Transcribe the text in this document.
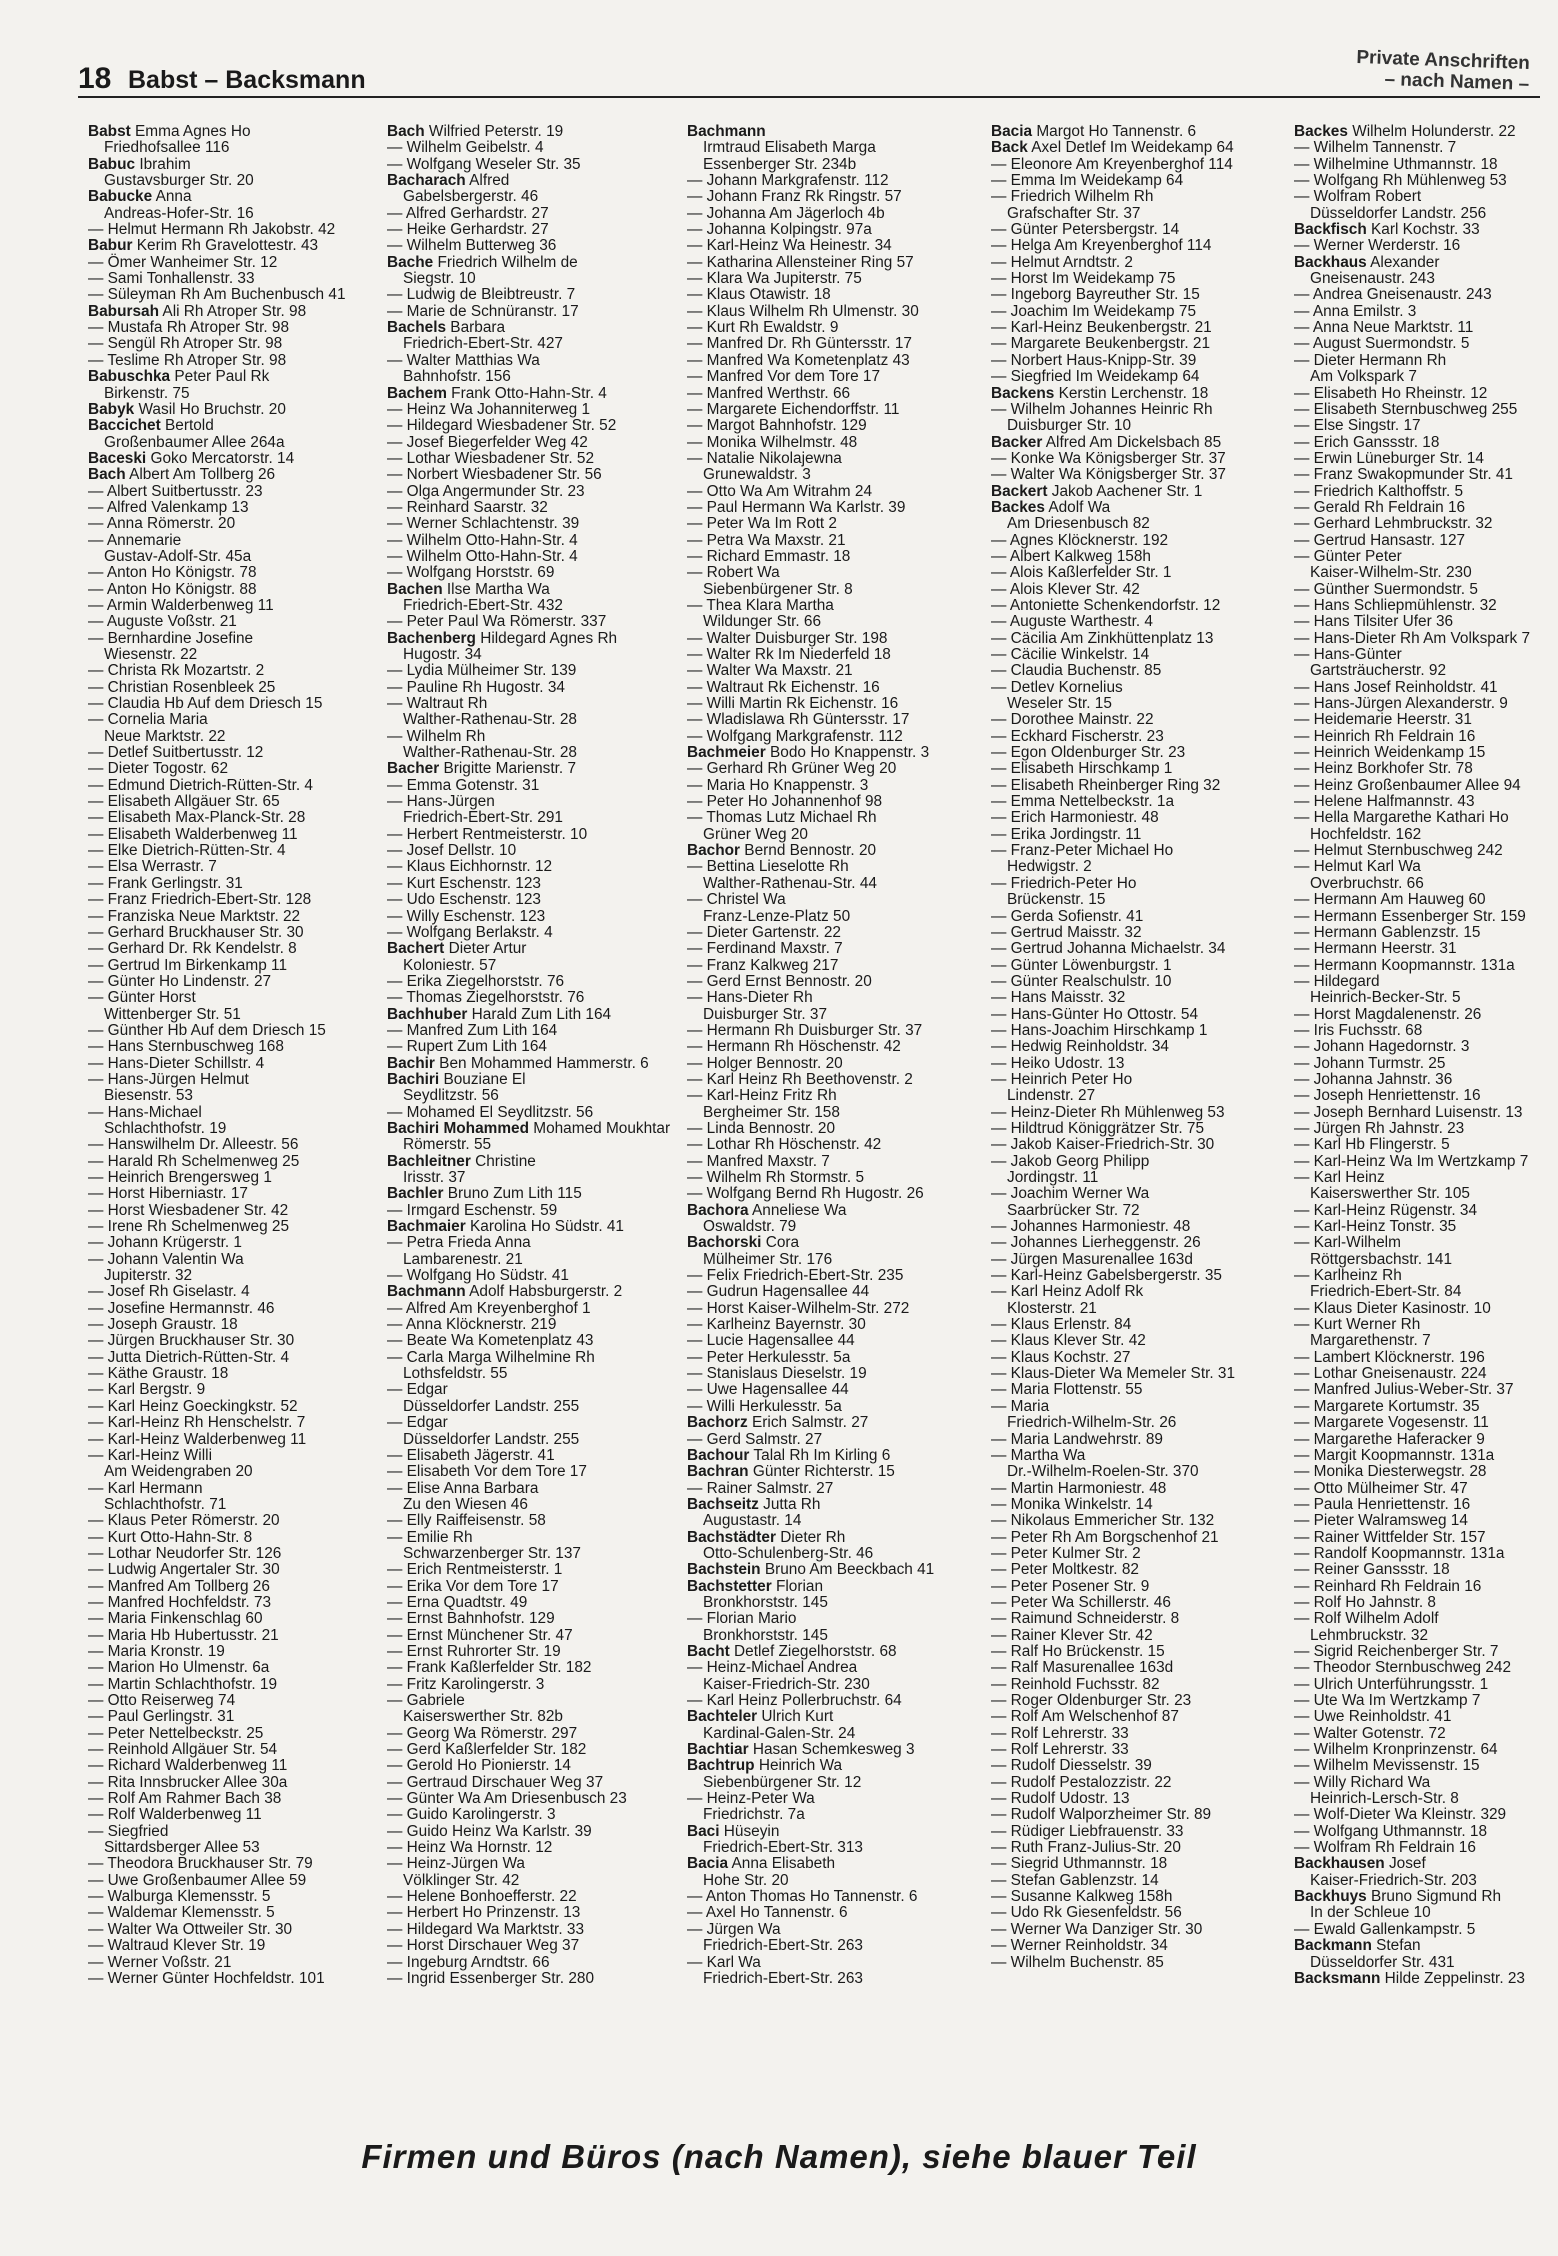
18 Babst – Backsmann
Private Anschriften
– nach Namen –
Babst Emma Agnes Ho
Friedhofsallee 116
Babuc Ibrahim
Gustavsburger Str. 20
Babucke Anna
Andreas-Hofer-Str. 16
— Helmut Hermann Rh Jakobstr. 42
Babur Kerim Rh Gravelottestr. 43
— Ömer Wanheimer Str. 12
— Sami Tonhallenstr. 33
— Süleyman Rh Am Buchenbusch 41
Babursah Ali Rh Atroper Str. 98
— Mustafa Rh Atroper Str. 98
— Sengül Rh Atroper Str. 98
— Teslime Rh Atroper Str. 98
Babuschka Peter Paul Rk
Birkenstr. 75
Babyk Wasil Ho Bruchstr. 20
Baccichet Bertold
Großenbaumer Allee 264a
Baceski Goko Mercatorstr. 14
Bach Albert Am Tollberg 26
— Albert Suitbertusstr. 23
— Alfred Valenkamp 13
— Anna Römerstr. 20
— Annemarie
Gustav-Adolf-Str. 45a
— Anton Ho Königstr. 78
— Anton Ho Königstr. 88
— Armin Walderbenweg 11
— Auguste Voßstr. 21
— Bernhardine Josefine
Wiesenstr. 22
— Christa Rk Mozartstr. 2
— Christian Rosenbleek 25
— Claudia Hb Auf dem Driesch 15
— Cornelia Maria
Neue Marktstr. 22
— Detlef Suitbertusstr. 12
— Dieter Togostr. 62
— Edmund Dietrich-Rütten-Str. 4
— Elisabeth Allgäuer Str. 65
— Elisabeth Max-Planck-Str. 28
— Elisabeth Walderbenweg 11
— Elke Dietrich-Rütten-Str. 4
— Elsa Werrastr. 7
— Frank Gerlingstr. 31
— Franz Friedrich-Ebert-Str. 128
— Franziska Neue Marktstr. 22
— Gerhard Bruckhauser Str. 30
— Gerhard Dr. Rk Kendelstr. 8
— Gertrud Im Birkenkamp 11
— Günter Ho Lindenstr. 27
— Günter Horst
Wittenberger Str. 51
— Günther Hb Auf dem Driesch 15
— Hans Sternbuschweg 168
— Hans-Dieter Schillstr. 4
— Hans-Jürgen Helmut
Biesenstr. 53
— Hans-Michael
Schlachthofstr. 19
— Hanswilhelm Dr. Alleestr. 56
— Harald Rh Schelmenweg 25
— Heinrich Brengersweg 1
— Horst Hiberniastr. 17
— Horst Wiesbadener Str. 42
— Irene Rh Schelmenweg 25
— Johann Krügerstr. 1
— Johann Valentin Wa
Jupiterstr. 32
— Josef Rh Giselastr. 4
— Josefine Hermannstr. 46
— Joseph Graustr. 18
— Jürgen Bruckhauser Str. 30
— Jutta Dietrich-Rütten-Str. 4
— Käthe Graustr. 18
— Karl Bergstr. 9
— Karl Heinz Goeckingkstr. 52
— Karl-Heinz Rh Henschelstr. 7
— Karl-Heinz Walderbenweg 11
— Karl-Heinz Willi
Am Weidengraben 20
— Karl Hermann
Schlachthofstr. 71
— Klaus Peter Römerstr. 20
— Kurt Otto-Hahn-Str. 8
— Lothar Neudorfer Str. 126
— Ludwig Angertaler Str. 30
— Manfred Am Tollberg 26
— Manfred Hochfeldstr. 73
— Maria Finkenschlag 60
— Maria Hb Hubertusstr. 21
— Maria Kronstr. 19
— Marion Ho Ulmenstr. 6a
— Martin Schlachthofstr. 19
— Otto Reiserweg 74
— Paul Gerlingstr. 31
— Peter Nettelbeckstr. 25
— Reinhold Allgäuer Str. 54
— Richard Walderbenweg 11
— Rita Innsbrucker Allee 30a
— Rolf Am Rahmer Bach 38
— Rolf Walderbenweg 11
— Siegfried
Sittardsberger Allee 53
— Theodora Bruckhauser Str. 79
— Uwe Großenbaumer Allee 59
— Walburga Klemensstr. 5
— Waldemar Klemensstr. 5
— Walter Wa Ottweiler Str. 30
— Waltraud Klever Str. 19
— Werner Voßstr. 21
— Werner Günter Hochfeldstr. 101
Bach Wilfried Peterstr. 19
— Wilhelm Geibelstr. 4
— Wolfgang Weseler Str. 35
Bacharach Alfred
Gabelsbergerstr. 46
— Alfred Gerhardstr. 27
— Heike Gerhardstr. 27
— Wilhelm Butterweg 36
Bache Friedrich Wilhelm de
Siegstr. 10
— Ludwig de Bleibtreustr. 7
— Marie de Schnüranstr. 17
Bachels Barbara
Friedrich-Ebert-Str. 427
— Walter Matthias Wa
Bahnhofstr. 156
Bachem Frank Otto-Hahn-Str. 4
— Heinz Wa Johanniterweg 1
— Hildegard Wiesbadener Str. 52
— Josef Biegerfelder Weg 42
— Lothar Wiesbadener Str. 52
— Norbert Wiesbadener Str. 56
— Olga Angermunder Str. 23
— Reinhard Saarstr. 32
— Werner Schlachtenstr. 39
— Wilhelm Otto-Hahn-Str. 4
— Wilhelm Otto-Hahn-Str. 4
— Wolfgang Horststr. 69
Bachen Ilse Martha Wa
Friedrich-Ebert-Str. 432
— Peter Paul Wa Römerstr. 337
Bachenberg Hildegard Agnes Rh
Hugostr. 34
— Lydia Mülheimer Str. 139
— Pauline Rh Hugostr. 34
— Waltraut Rh
Walther-Rathenau-Str. 28
— Wilhelm Rh
Walther-Rathenau-Str. 28
Bacher Brigitte Marienstr. 7
— Emma Gotenstr. 31
— Hans-Jürgen
Friedrich-Ebert-Str. 291
— Herbert Rentmeisterstr. 10
— Josef Dellstr. 10
— Klaus Eichhornstr. 12
— Kurt Eschenstr. 123
— Udo Eschenstr. 123
— Willy Eschenstr. 123
— Wolfgang Berlakstr. 4
Bachert Dieter Artur
Koloniestr. 57
— Erika Ziegelhorststr. 76
— Thomas Ziegelhorststr. 76
Bachhuber Harald Zum Lith 164
— Manfred Zum Lith 164
— Rupert Zum Lith 164
Bachir Ben Mohammed Hammerstr. 6
Bachiri Bouziane El
Seydlitzstr. 56
— Mohamed El Seydlitzstr. 56
Bachiri Mohammed Mohamed Moukhtar
Römerstr. 55
Bachleitner Christine
Irisstr. 37
Bachler Bruno Zum Lith 115
— Irmgard Eschenstr. 59
Bachmaier Karolina Ho Südstr. 41
— Petra Frieda Anna
Lambarenestr. 21
— Wolfgang Ho Südstr. 41
Bachmann Adolf Habsburgerstr. 2
— Alfred Am Kreyenberghof 1
— Anna Klöcknerstr. 219
— Beate Wa Kometenplatz 43
— Carla Marga Wilhelmine Rh
Lothsfeldstr. 55
— Edgar
Düsseldorfer Landstr. 255
— Edgar
Düsseldorfer Landstr. 255
— Elisabeth Jägerstr. 41
— Elisabeth Vor dem Tore 17
— Elise Anna Barbara
Zu den Wiesen 46
— Elly Raiffeisenstr. 58
— Emilie Rh
Schwarzenberger Str. 137
— Erich Rentmeisterstr. 1
— Erika Vor dem Tore 17
— Erna Quadtstr. 49
— Ernst Bahnhofstr. 129
— Ernst Münchener Str. 47
— Ernst Ruhrorter Str. 19
— Frank Kaßlerfelder Str. 182
— Fritz Karolingerstr. 3
— Gabriele
Kaiserswerther Str. 82b
— Georg Wa Römerstr. 297
— Gerd Kaßlerfelder Str. 182
— Gerold Ho Pionierstr. 14
— Gertraud Dirschauer Weg 37
— Günter Wa Am Driesenbusch 23
— Guido Karolingerstr. 3
— Guido Heinz Wa Karlstr. 39
— Heinz Wa Hornstr. 12
— Heinz-Jürgen Wa
Völklinger Str. 42
— Helene Bonhoefferstr. 22
— Herbert Ho Prinzenstr. 13
— Hildegard Wa Marktstr. 33
— Horst Dirschauer Weg 37
— Ingeburg Arndtstr. 66
— Ingrid Essenberger Str. 280
Bachmann
Irmtraud Elisabeth Marga
Essenberger Str. 234b
— Johann Markgrafenstr. 112
— Johann Franz Rk Ringstr. 57
— Johanna Am Jägerloch 4b
— Johanna Kolpingstr. 97a
— Karl-Heinz Wa Heinestr. 34
— Katharina Allensteiner Ring 57
— Klara Wa Jupiterstr. 75
— Klaus Otawistr. 18
— Klaus Wilhelm Rh Ulmenstr. 30
— Kurt Rh Ewaldstr. 9
— Manfred Dr. Rh Güntersstr. 17
— Manfred Wa Kometenplatz 43
— Manfred Vor dem Tore 17
— Manfred Werthstr. 66
— Margarete Eichendorffstr. 11
— Margot Bahnhofstr. 129
— Monika Wilhelmstr. 48
— Natalie Nikolajewna
Grunewaldstr. 3
— Otto Wa Am Witrahm 24
— Paul Hermann Wa Karlstr. 39
— Peter Wa Im Rott 2
— Petra Wa Maxstr. 21
— Richard Emmastr. 18
— Robert Wa
Siebenbürgener Str. 8
— Thea Klara Martha
Wildunger Str. 66
— Walter Duisburger Str. 198
— Walter Rk Im Niederfeld 18
— Walter Wa Maxstr. 21
— Waltraut Rk Eichenstr. 16
— Willi Martin Rk Eichenstr. 16
— Wladislawa Rh Güntersstr. 17
— Wolfgang Markgrafenstr. 112
Bachmeier Bodo Ho Knappenstr. 3
— Gerhard Rh Grüner Weg 20
— Maria Ho Knappenstr. 3
— Peter Ho Johannenhof 98
— Thomas Lutz Michael Rh
Grüner Weg 20
Bachor Bernd Bennostr. 20
— Bettina Lieselotte Rh
Walther-Rathenau-Str. 44
— Christel Wa
Franz-Lenze-Platz 50
— Dieter Gartenstr. 22
— Ferdinand Maxstr. 7
— Franz Kalkweg 217
— Gerd Ernst Bennostr. 20
— Hans-Dieter Rh
Duisburger Str. 37
— Hermann Rh Duisburger Str. 37
— Hermann Rh Höschenstr. 42
— Holger Bennostr. 20
— Karl Heinz Rh Beethovenstr. 2
— Karl-Heinz Fritz Rh
Bergheimer Str. 158
— Linda Bennostr. 20
— Lothar Rh Höschenstr. 42
— Manfred Maxstr. 7
— Wilhelm Rh Stormstr. 5
— Wolfgang Bernd Rh Hugostr. 26
Bachora Anneliese Wa
Oswaldstr. 79
Bachorski Cora
Mülheimer Str. 176
— Felix Friedrich-Ebert-Str. 235
— Gudrun Hagensallee 44
— Horst Kaiser-Wilhelm-Str. 272
— Karlheinz Bayernstr. 30
— Lucie Hagensallee 44
— Peter Herkulesstr. 5a
— Stanislaus Dieselstr. 19
— Uwe Hagensallee 44
— Willi Herkulesstr. 5a
Bachorz Erich Salmstr. 27
— Gerd Salmstr. 27
Bachour Talal Rh Im Kirling 6
Bachran Günter Richterstr. 15
— Rainer Salmstr. 27
Bachseitz Jutta Rh
Augustastr. 14
Bachstädter Dieter Rh
Otto-Schulenberg-Str. 46
Bachstein Bruno Am Beeckbach 41
Bachstetter Florian
Bronkhorststr. 145
— Florian Mario
Bronkhorststr. 145
Bacht Detlef Ziegelhorststr. 68
— Heinz-Michael Andrea
Kaiser-Friedrich-Str. 230
— Karl Heinz Pollerbruchstr. 64
Bachteler Ulrich Kurt
Kardinal-Galen-Str. 24
Bachtiar Hasan Schemkesweg 3
Bachtrup Heinrich Wa
Siebenbürgener Str. 12
— Heinz-Peter Wa
Friedrichstr. 7a
Baci Hüseyin
Friedrich-Ebert-Str. 313
Bacia Anna Elisabeth
Hohe Str. 20
— Anton Thomas Ho Tannenstr. 6
— Axel Ho Tannenstr. 6
— Jürgen Wa
Friedrich-Ebert-Str. 263
— Karl Wa
Friedrich-Ebert-Str. 263
Bacia Margot Ho Tannenstr. 6
Back Axel Detlef Im Weidekamp 64
— Eleonore Am Kreyenberghof 114
— Emma Im Weidekamp 64
— Friedrich Wilhelm Rh
Grafschafter Str. 37
— Günter Petersbergstr. 14
— Helga Am Kreyenberghof 114
— Helmut Arndtstr. 2
— Horst Im Weidekamp 75
— Ingeborg Bayreuther Str. 15
— Joachim Im Weidekamp 75
— Karl-Heinz Beukenbergstr. 21
— Margarete Beukenbergstr. 21
— Norbert Haus-Knipp-Str. 39
— Siegfried Im Weidekamp 64
Backens Kerstin Lerchenstr. 18
— Wilhelm Johannes Heinric Rh
Duisburger Str. 10
Backer Alfred Am Dickelsbach 85
— Konke Wa Königsberger Str. 37
— Walter Wa Königsberger Str. 37
Backert Jakob Aachener Str. 1
Backes Adolf Wa
Am Driesenbusch 82
— Agnes Klöcknerstr. 192
— Albert Kalkweg 158h
— Alois Kaßlerfelder Str. 1
— Alois Klever Str. 42
— Antoniette Schenkendorfstr. 12
— Auguste Warthestr. 4
— Cäcilia Am Zinkhüttenplatz 13
— Cäcilie Winkelstr. 14
— Claudia Buchenstr. 85
— Detlev Kornelius
Weseler Str. 15
— Dorothee Mainstr. 22
— Eckhard Fischerstr. 23
— Egon Oldenburger Str. 23
— Elisabeth Hirschkamp 1
— Elisabeth Rheinberger Ring 32
— Emma Nettelbeckstr. 1a
— Erich Harmoniestr. 48
— Erika Jordingstr. 11
— Franz-Peter Michael Ho
Hedwigstr. 2
— Friedrich-Peter Ho
Brückenstr. 15
— Gerda Sofienstr. 41
— Gertrud Maisstr. 32
— Gertrud Johanna Michaelstr. 34
— Günter Löwenburgstr. 1
— Günter Realschulstr. 10
— Hans Maisstr. 32
— Hans-Günter Ho Ottostr. 54
— Hans-Joachim Hirschkamp 1
— Hedwig Reinholdstr. 34
— Heiko Udostr. 13
— Heinrich Peter Ho
Lindenstr. 27
— Heinz-Dieter Rh Mühlenweg 53
— Hildtrud Königgrätzer Str. 75
— Jakob Kaiser-Friedrich-Str. 30
— Jakob Georg Philipp
Jordingstr. 11
— Joachim Werner Wa
Saarbrücker Str. 72
— Johannes Harmoniestr. 48
— Johannes Lierheggenstr. 26
— Jürgen Masurenallee 163d
— Karl-Heinz Gabelsbergerstr. 35
— Karl Heinz Adolf Rk
Klosterstr. 21
— Klaus Erlenstr. 84
— Klaus Klever Str. 42
— Klaus Kochstr. 27
— Klaus-Dieter Wa Memeler Str. 31
— Maria Flottenstr. 55
— Maria
Friedrich-Wilhelm-Str. 26
— Maria Landwehrstr. 89
— Martha Wa
Dr.-Wilhelm-Roelen-Str. 370
— Martin Harmoniestr. 48
— Monika Winkelstr. 14
— Nikolaus Emmericher Str. 132
— Peter Rh Am Borgschenhof 21
— Peter Kulmer Str. 2
— Peter Moltkestr. 82
— Peter Posener Str. 9
— Peter Wa Schillerstr. 46
— Raimund Schneiderstr. 8
— Rainer Klever Str. 42
— Ralf Ho Brückenstr. 15
— Ralf Masurenallee 163d
— Reinhold Fuchsstr. 82
— Roger Oldenburger Str. 23
— Rolf Am Welschenhof 87
— Rolf Lehrerstr. 33
— Rolf Lehrerstr. 33
— Rudolf Diesselstr. 39
— Rudolf Pestalozzistr. 22
— Rudolf Udostr. 13
— Rudolf Walporzheimer Str. 89
— Rüdiger Liebfrauenstr. 33
— Ruth Franz-Julius-Str. 20
— Siegrid Uthmannstr. 18
— Stefan Gablenzstr. 14
— Susanne Kalkweg 158h
— Udo Rk Giesenfeldstr. 56
— Werner Wa Danziger Str. 30
— Werner Reinholdstr. 34
— Wilhelm Buchenstr. 85
Backes Wilhelm Holunderstr. 22
— Wilhelm Tannenstr. 7
— Wilhelmine Uthmannstr. 18
— Wolfgang Rh Mühlenweg 53
— Wolfram Robert
Düsseldorfer Landstr. 256
Backfisch Karl Kochstr. 33
— Werner Werderstr. 16
Backhaus Alexander
Gneisenaustr. 243
— Andrea Gneisenaustr. 243
— Anna Emilstr. 3
— Anna Neue Marktstr. 11
— August Suermondstr. 5
— Dieter Hermann Rh
Am Volkspark 7
— Elisabeth Ho Rheinstr. 12
— Elisabeth Sternbuschweg 255
— Else Singstr. 17
— Erich Ganssstr. 18
— Erwin Lüneburger Str. 14
— Franz Swakopmunder Str. 41
— Friedrich Kalthoffstr. 5
— Gerald Rh Feldrain 16
— Gerhard Lehmbruckstr. 32
— Gertrud Hansastr. 127
— Günter Peter
Kaiser-Wilhelm-Str. 230
— Günther Suermondstr. 5
— Hans Schliepmühlenstr. 32
— Hans Tilsiter Ufer 36
— Hans-Dieter Rh Am Volkspark 7
— Hans-Günter
Gartsträucherstr. 92
— Hans Josef Reinholdstr. 41
— Hans-Jürgen Alexanderstr. 9
— Heidemarie Heerstr. 31
— Heinrich Rh Feldrain 16
— Heinrich Weidenkamp 15
— Heinz Borkhofer Str. 78
— Heinz Großenbaumer Allee 94
— Helene Halfmannstr. 43
— Hella Margarethe Kathari Ho
Hochfeldstr. 162
— Helmut Sternbuschweg 242
— Helmut Karl Wa
Overbruchstr. 66
— Hermann Am Hauweg 60
— Hermann Essenberger Str. 159
— Hermann Gablenzstr. 15
— Hermann Heerstr. 31
— Hermann Koopmannstr. 131a
— Hildegard
Heinrich-Becker-Str. 5
— Horst Magdalenenstr. 26
— Iris Fuchsstr. 68
— Johann Hagedornstr. 3
— Johann Turmstr. 25
— Johanna Jahnstr. 36
— Joseph Henriettenstr. 16
— Joseph Bernhard Luisenstr. 13
— Jürgen Rh Jahnstr. 23
— Karl Hb Flingerstr. 5
— Karl-Heinz Wa Im Wertzkamp 7
— Karl Heinz
Kaiserswerther Str. 105
— Karl-Heinz Rügenstr. 34
— Karl-Heinz Tonstr. 35
— Karl-Wilhelm
Röttgersbachstr. 141
— Karlheinz Rh
Friedrich-Ebert-Str. 84
— Klaus Dieter Kasinostr. 10
— Kurt Werner Rh
Margarethenstr. 7
— Lambert Klöcknerstr. 196
— Lothar Gneisenaustr. 224
— Manfred Julius-Weber-Str. 37
— Margarete Kortumstr. 35
— Margarete Vogesenstr. 11
— Margarethe Haferacker 9
— Margit Koopmannstr. 131a
— Monika Diesterwegstr. 28
— Otto Mülheimer Str. 47
— Paula Henriettenstr. 16
— Pieter Walramsweg 14
— Rainer Wittfelder Str. 157
— Randolf Koopmannstr. 131a
— Reiner Ganssstr. 18
— Reinhard Rh Feldrain 16
— Rolf Ho Jahnstr. 8
— Rolf Wilhelm Adolf
Lehmbruckstr. 32
— Sigrid Reichenberger Str. 7
— Theodor Sternbuschweg 242
— Ulrich Unterführungsstr. 1
— Ute Wa Im Wertzkamp 7
— Uwe Reinholdstr. 41
— Walter Gotenstr. 72
— Wilhelm Kronprinzenstr. 64
— Wilhelm Mevissenstr. 15
— Willy Richard Wa
Heinrich-Lersch-Str. 8
— Wolf-Dieter Wa Kleinstr. 329
— Wolfgang Uthmannstr. 18
— Wolfram Rh Feldrain 16
Backhausen Josef
Kaiser-Friedrich-Str. 203
Backhuys Bruno Sigmund Rh
In der Schleue 10
— Ewald Gallenkampstr. 5
Backmann Stefan
Düsseldorfer Str. 431
Backsmann Hilde Zeppelinstr. 23
Firmen und Büros (nach Namen), siehe blauer Teil
